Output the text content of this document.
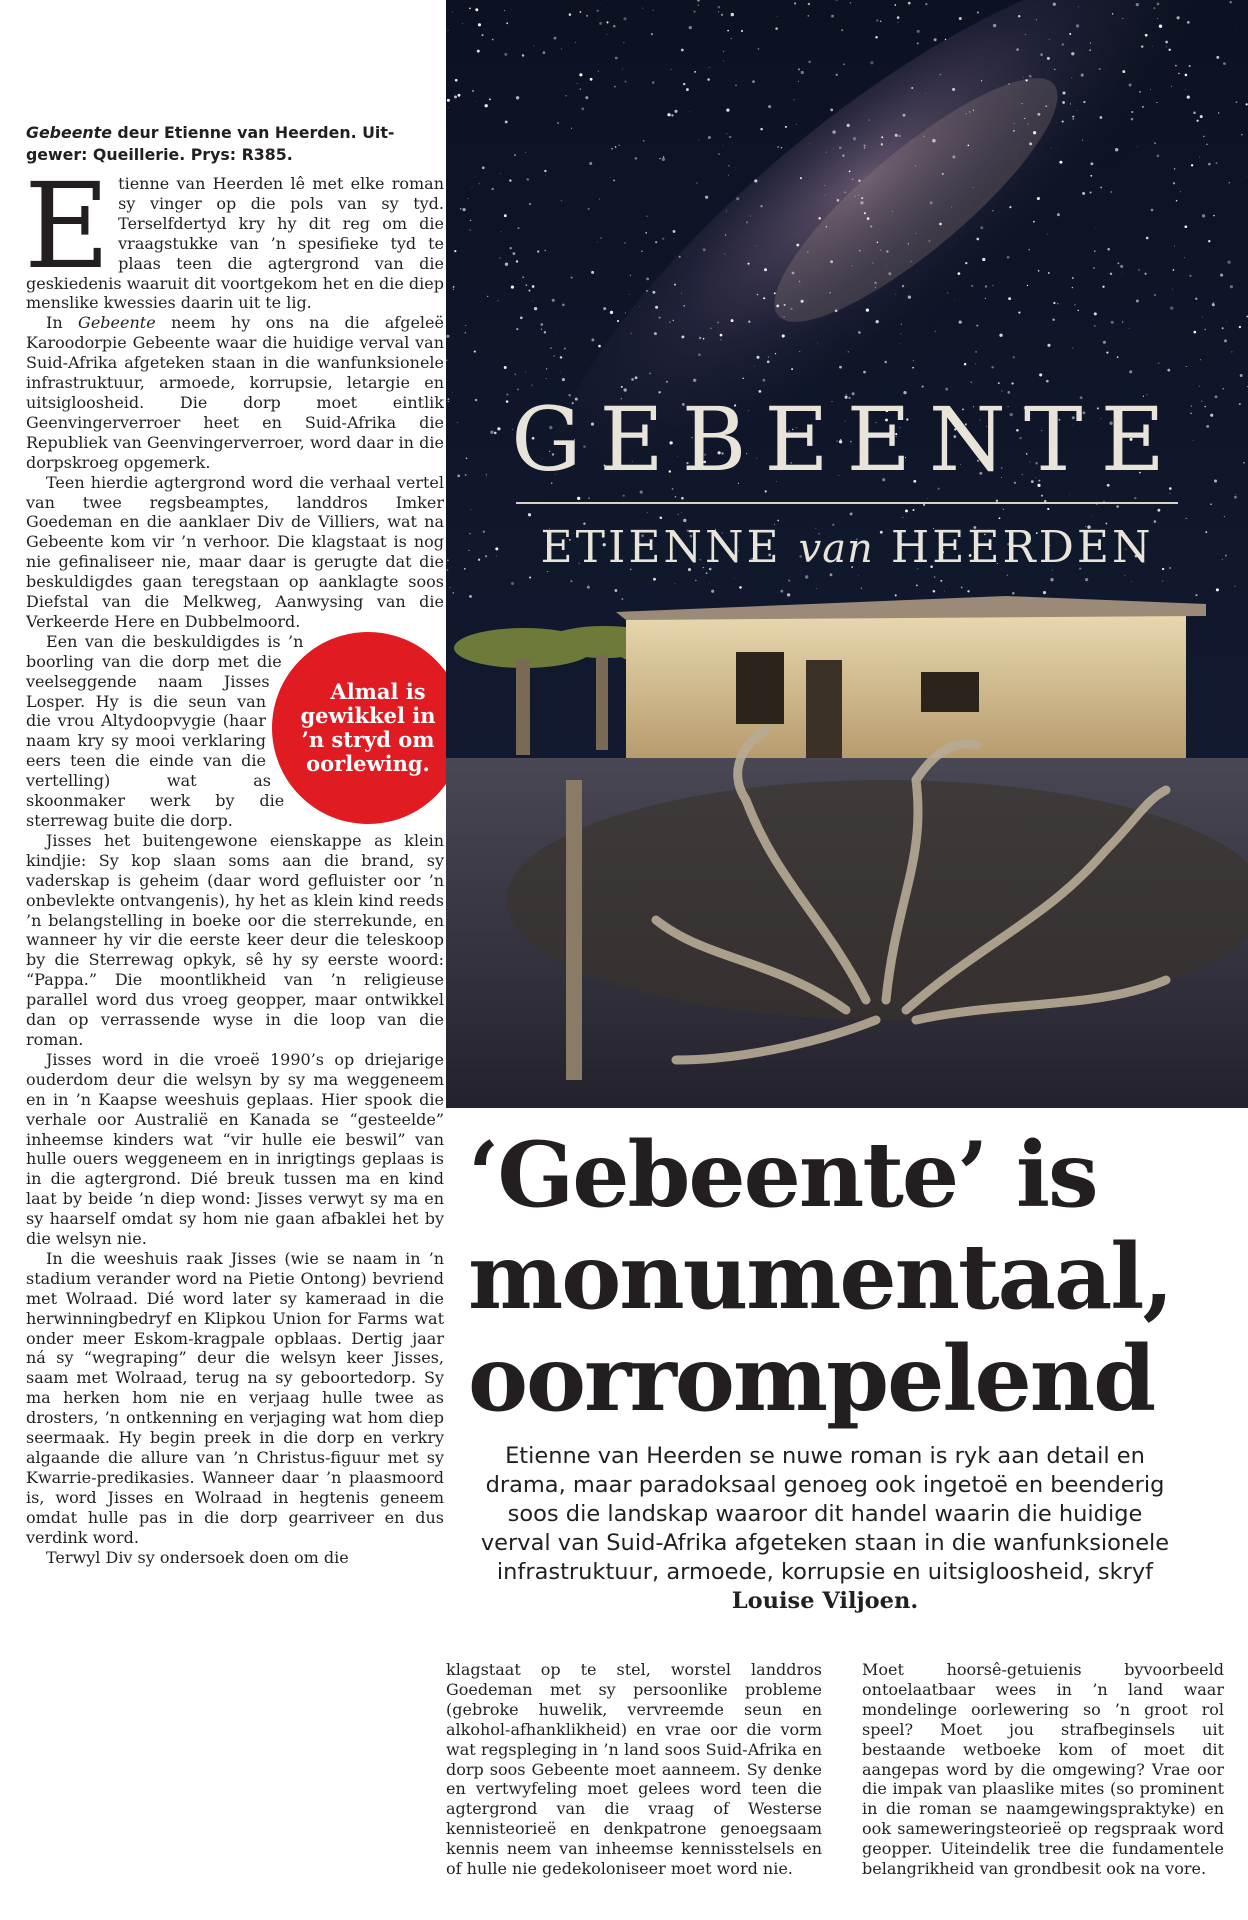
Gebeente deur Etienne van Heerden. Uit-
gewer: Queillerie. Prys: R385.

Etienne van Heerden lê met elke roman sy vinger op die pols van sy tyd. Terselfdertyd kry hy dit reg om die vraagstukke van ’n spesifieke tyd te plaas teen die agtergrond van die geskiedenis waaruit dit voortgekom het en die diep menslike kwessies daarin uit te lig.

In Gebeente neem hy ons na die afgeleë Karoodorpie Gebeente waar die huidige verval van Suid-Afrika afgeteken staan in die wanfunksionele infrastruktuur, armoede, korrupsie, letargie en uitsigloosheid. Die dorp moet eintlik Geenvingerverroer heet en Suid-Afrika die Republiek van Geenvingerverroer, word daar in die dorpskroeg opgemerk.

Teen hierdie agtergrond word die verhaal vertel van twee regsbeamptes, landdros Imker Goedeman en die aanklaer Div de Villiers, wat na Gebeente kom vir ’n verhoor. Die klagstaat is nog nie gefinaliseer nie, maar daar is gerugte dat die beskuldigdes gaan teregstaan op aanklagte soos Diefstal van die Melkweg, Aanwysing van die Verkeerde Here en Dubbelmoord.

Almal is gewikkel in ’n stryd om oorlewing.
Een van die beskuldigdes is ’n boorling van die dorp met die veelseggende naam Jisses Losper. Hy is die seun van die vrou Altydoopvygie (haar naam kry sy mooi verklaring eers teen die einde van die vertelling) wat as skoonmaker werk by die sterrewag buite die dorp.

Jisses het buitengewone eienskappe as klein kindjie: Sy kop slaan soms aan die brand, sy vaderskap is geheim (daar word gefluister oor ’n onbevlekte ontvangenis), hy het as klein kind reeds ’n belangstelling in boeke oor die sterrekunde, en wanneer hy vir die eerste keer deur die teleskoop by die Sterrewag opkyk, sê hy sy eerste woord: “Pappa.” Die moontlikheid van ’n religieuse parallel word dus vroeg geopper, maar ontwikkel dan op verrassende wyse in die loop van die roman.

Jisses word in die vroeë 1990’s op driejarige ouderdom deur die welsyn by sy ma weggeneem en in ’n Kaapse weeshuis geplaas. Hier spook die verhale oor Australië en Kanada se “gesteelde” inheemse kinders wat “vir hulle eie beswil” van hulle ouers weggeneem en in inrigtings geplaas is in die agtergrond. Dié breuk tussen ma en kind laat by beide ’n diep wond: Jisses verwyt sy ma en sy haarself omdat sy hom nie gaan afbaklei het by die welsyn nie.

In die weeshuis raak Jisses (wie se naam in ’n stadium verander word na Pietie Ontong) bevriend met Wolraad. Dié word later sy kameraad in die herwinningbedryf en Klipkou Union for Farms wat onder meer Eskom-kragpale opblaas. Dertig jaar ná sy “wegraping” deur die welsyn keer Jisses, saam met Wolraad, terug na sy geboortedorp. Sy ma herken hom nie en verjaag hulle twee as drosters, ’n ontkenning en verjaging wat hom diep seermaak. Hy begin preek in die dorp en verkry algaande die allure van ’n Christus-figuur met sy Kwarrie-predikasies. Wanneer daar ’n plaasmoord is, word Jisses en Wolraad in hegtenis geneem omdat hulle pas in die dorp gearriveer en dus verdink word.

Terwyl Div sy ondersoek doen om die

GEBEENTE
ETIENNE van HEERDEN
‘Gebeente’ is
monumentaal,
oorrompelend
Etienne van Heerden se nuwe roman is ryk aan detail en drama, maar paradoksaal genoeg ook ingetoë en beenderig soos die landskap waaroor dit handel waarin die huidige verval van Suid-Afrika afgeteken staan in die wanfunksionele infrastruktuur, armoede, korrupsie en uitsigloosheid, skryf Louise Viljoen.
klagstaat op te stel, worstel landdros Goedeman met sy persoonlike probleme (gebroke huwelik, vervreemde seun en alkohol-afhanklikheid) en vrae oor die vorm wat regspleging in ’n land soos Suid-Afrika en dorp soos Gebeente moet aanneem. Sy denke en vertwyfeling moet gelees word teen die agtergrond van die vraag of Westerse kennisteorieë en denkpatrone genoegsaam kennis neem van inheemse kennisstelsels en of hulle nie gedekoloniseer moet word nie.
Moet hoorsê-getuienis byvoorbeeld ontoelaatbaar wees in ’n land waar mondelinge oorlewering so ’n groot rol speel? Moet jou strafbeginsels uit bestaande wetboeke kom of moet dit aangepas word by die omgewing? Vrae oor die impak van plaaslike mites (so prominent in die roman se naamgewingspraktyke) en ook sameweringsteorieë op regspraak word geopper. Uiteindelik tree die fundamentele belangrikheid van grondbesit ook na vore.
